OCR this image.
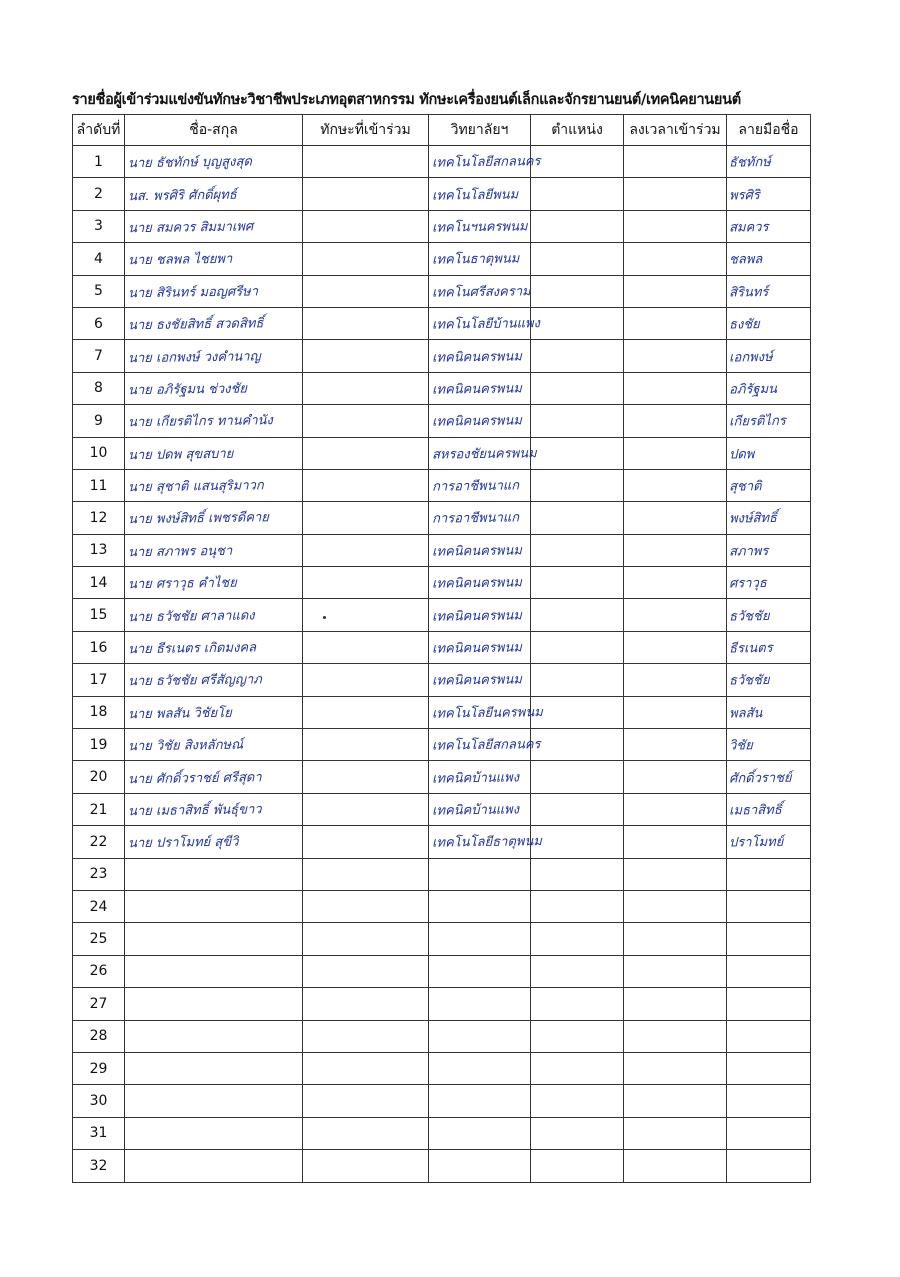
รายชื่อผู้เข้าร่วมแข่งขันทักษะวิชาชีพประเภทอุตสาหกรรม ทักษะเครื่องยนต์เล็กและจักรยานยนต์/เทคนิคยานยนต์
ลำดับที่	ชื่อ-สกุล	ทักษะที่เข้าร่วม	วิทยาลัยฯ	ตำแหน่ง	ลงเวลาเข้าร่วม	ลายมือชื่อ
1	นาย ธัชทักษ์ บุญสูงสุด		เทคโนโลยีสกลนคร			ธัชทักษ์

2	นส. พรศิริ ศักดิ์ผุทธ์		เทคโนโลยีพนม			พรศิริ

3	นาย สมควร สิมมาเพศ		เทคโนฯนครพนม			สมควร

4	นาย ชลพล ไชยพา		เทคโนธาตุพนม			ชลพล

5	นาย สิรินทร์ มอญศรีษา		เทคโนศรีสงคราม			สิรินทร์

6	นาย ธงชัยสิทธิ์ สวดสิทธิ์		เทคโนโลยีบ้านแพง			ธงชัย

7	นาย เอกพงษ์ วงคำนาญ		เทคนิคนครพนม			เอกพงษ์

8	นาย อภิรัฐมน ช่วงชัย		เทคนิคนครพนม			อภิรัฐมน

9	นาย เกียรติไกร ทานคำนัง		เทคนิคนครพนม			เกียรติไกร

10	นาย ปดพ สุขสบาย		สหรองชัยนครพนม			ปดพ

11	นาย สุชาติ แสนสุริมาวก		การอาชีพนาแก			สุชาติ

12	นาย พงษ์สิทธิ์ เพชรดีคาย		การอาชีพนาแก			พงษ์สิทธิ์

13	นาย สภาพร อนุชา		เทคนิคนครพนม			สภาพร

14	นาย ศราวุธ คำไชย		เทคนิคนครพนม			ศราวุธ

15	นาย ธวัชชัย ศาลาแดง		เทคนิคนครพนม			ธวัชชัย

16	นาย ธีรเนตร เกิดมงคล		เทคนิคนครพนม			ธีรเนตร

17	นาย ธวัชชัย ศรีสัญญาภ		เทคนิคนครพนม			ธวัชชัย

18	นาย พลสัน วิชัยโย		เทคโนโลยีนครพนม			พลสัน

19	นาย วิชัย สิงหลักษณ์		เทคโนโลยีสกลนคร			วิชัย

20	นาย ศักดิ์วราชย์ ศรีสุดา		เทคนิคบ้านแพง			ศักดิ์วราชย์

21	นาย เมธาสิทธิ์ พันธุ์ขาว		เทคนิคบ้านแพง			เมธาสิทธิ์

22	นาย ปราโมทย์ สุขีวิ		เทคโนโลยีธาตุพนม			ปราโมทย์

23	

24	

25	

26	

27	

28	

29	

30	

31	

32	
